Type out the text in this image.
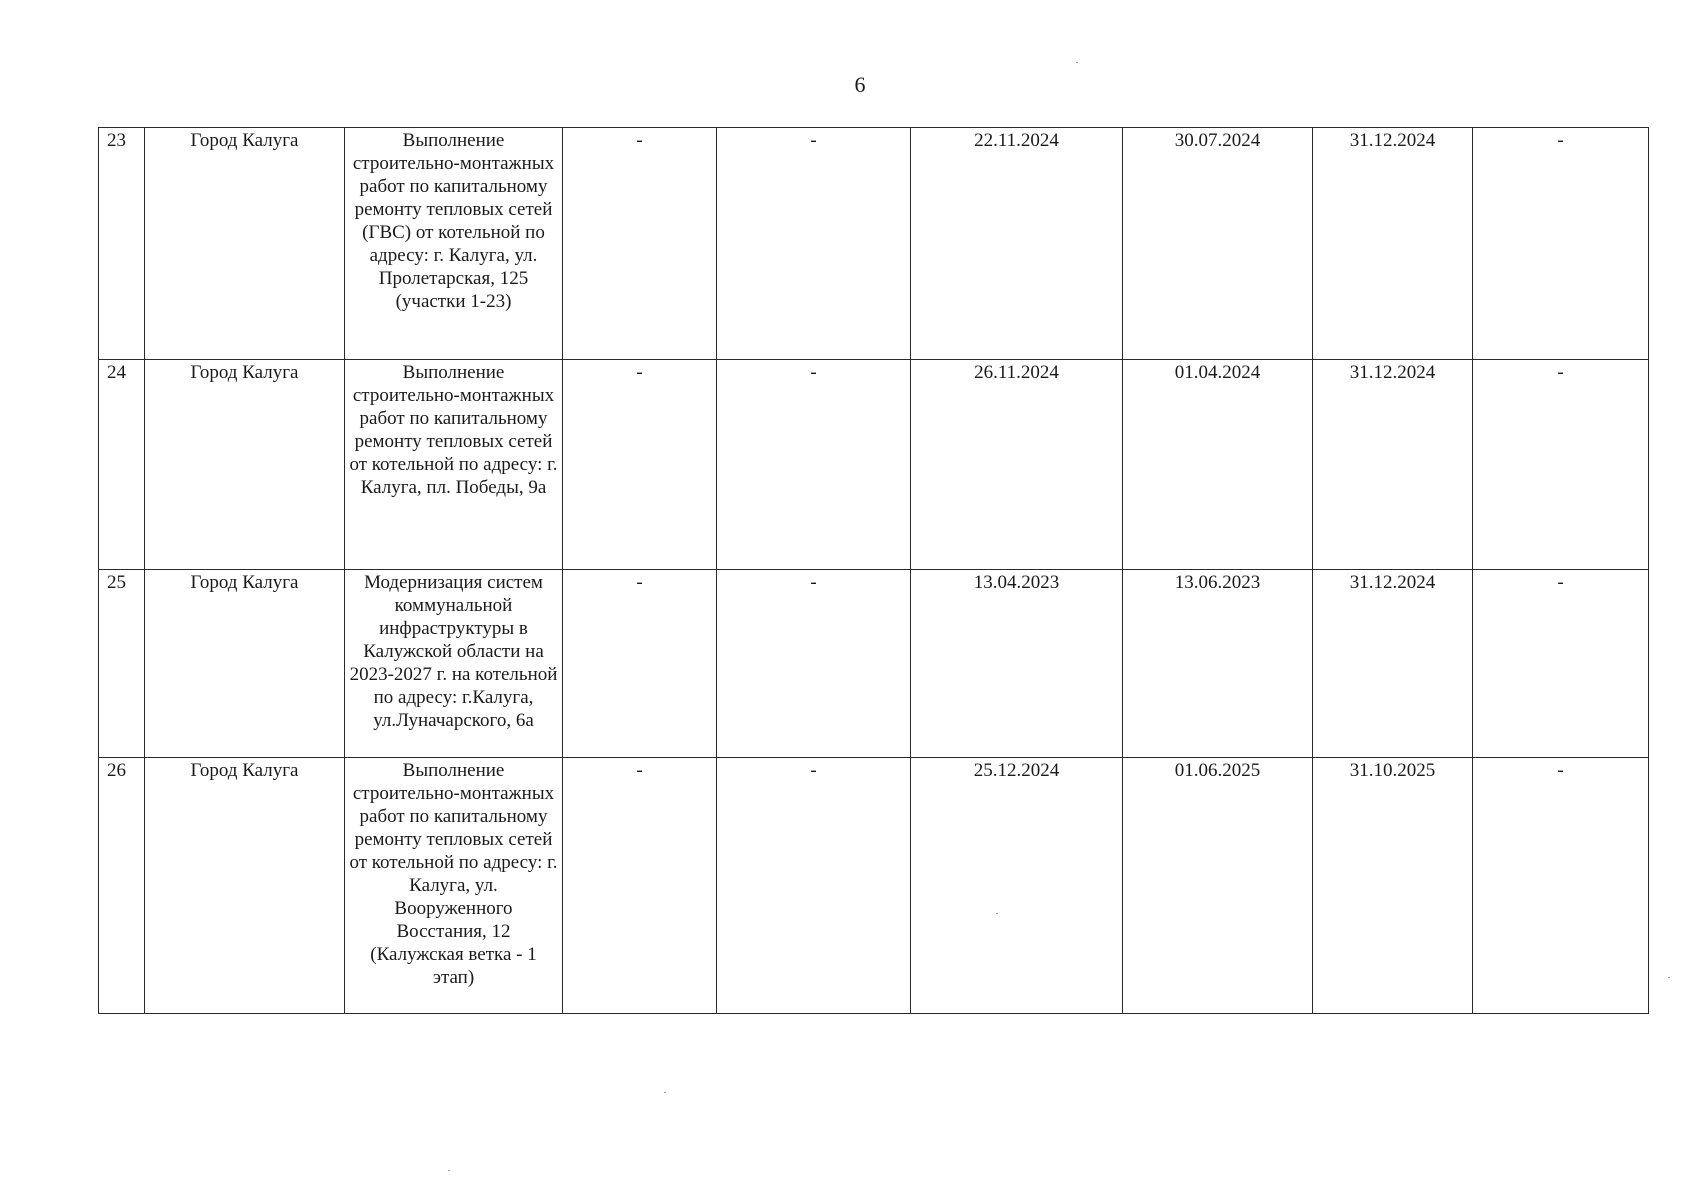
6
23	Город Калуга	Выполнение строительно-монтажных работ по капитальному ремонту тепловых сетей (ГВС) от котельной по адресу: г. Калуга, ул. Пролетарская, 125 (участки 1-23)	-	-	22.11.2024	30.07.2024	31.12.2024	-
24	Город Калуга	Выполнение строительно-монтажных работ по капитальному ремонту тепловых сетей от котельной по адресу: г. Калуга, пл. Победы, 9а	-	-	26.11.2024	01.04.2024	31.12.2024	-
25	Город Калуга	Модернизация систем коммунальной инфраструктуры в Калужской области на 2023-2027 г. на котельной по адресу: г.Калуга, ул.Луначарского, 6а	-	-	13.04.2023	13.06.2023	31.12.2024	-
26	Город Калуга	Выполнение строительно-монтажных работ по капитальному ремонту тепловых сетей от котельной по адресу: г. Калуга, ул. Вооруженного Восстания, 12 (Калужская ветка - 1 этап)	-	-	25.12.2024	01.06.2025	31.10.2025	-
